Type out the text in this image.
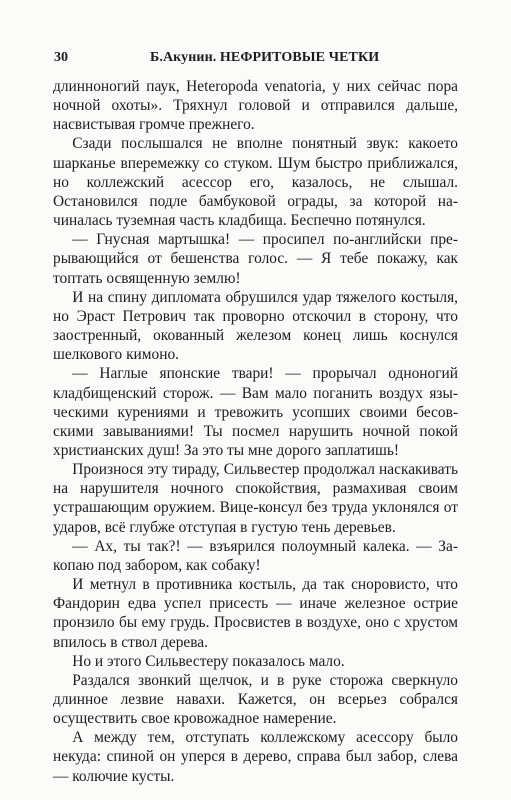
30	Б.Акунин. НЕФРИТОВЫЕ ЧЕТКИ

длинноногий паук, Heteropoda venatoria, у них сейчас пора ночной охоты». Тряхнул головой и отправился дальше, насвистывая громче прежнего.

Сзади послышался не вполне понятный звук: какоето шарканье вперемежку со стуком. Шум быстро приближался, но коллежский асессор его, казалось, не слышал. Остановился подле бамбуковой ограды, за которой начиналась туземная часть кладбища. Беспечно потянулся.

— Гнусная мартышка! — просипел по-английски прерывающийся от бешенства голос. — Я тебе покажу, как топтать освященную землю!

И на спину дипломата обрушился удар тяжелого костыля, но Эраст Петрович так проворно отскочил в сторону, что заостренный, окованный железом конец лишь коснулся шелкового кимоно.

— Наглые японские твари! — прорычал одноногий кладбищенский сторож. — Вам мало поганить воздух языческими курениями и тревожить усопших своими бесовскими завываниями! Ты посмел нарушить ночной покой христианских душ! За это ты мне дорого заплатишь!

Произнося эту тираду, Сильвестер продолжал наскакивать на нарушителя ночного спокойствия, размахивая своим устрашающим оружием. Вице-консул без труда уклонялся от ударов, всё глубже отступая в густую тень деревьев.

— Ах, ты так?! — взъярился полоумный калека. — Закопаю под забором, как собаку!

И метнул в противника костыль, да так сноровисто, что Фандорин едва успел присесть — иначе железное острие пронзило бы ему грудь. Просвистев в воздухе, оно с хрустом впилось в ствол дерева.

Но и этого Сильвестеру показалось мало.

Раздался звонкий щелчок, и в руке сторожа сверкнуло длинное лезвие навахи. Кажется, он всерьез собрался осуществить свое кровожадное намерение.

А между тем, отступать коллежскому асессору было некуда: спиной он уперся в дерево, справа был забор, слева — колючие кусты.
